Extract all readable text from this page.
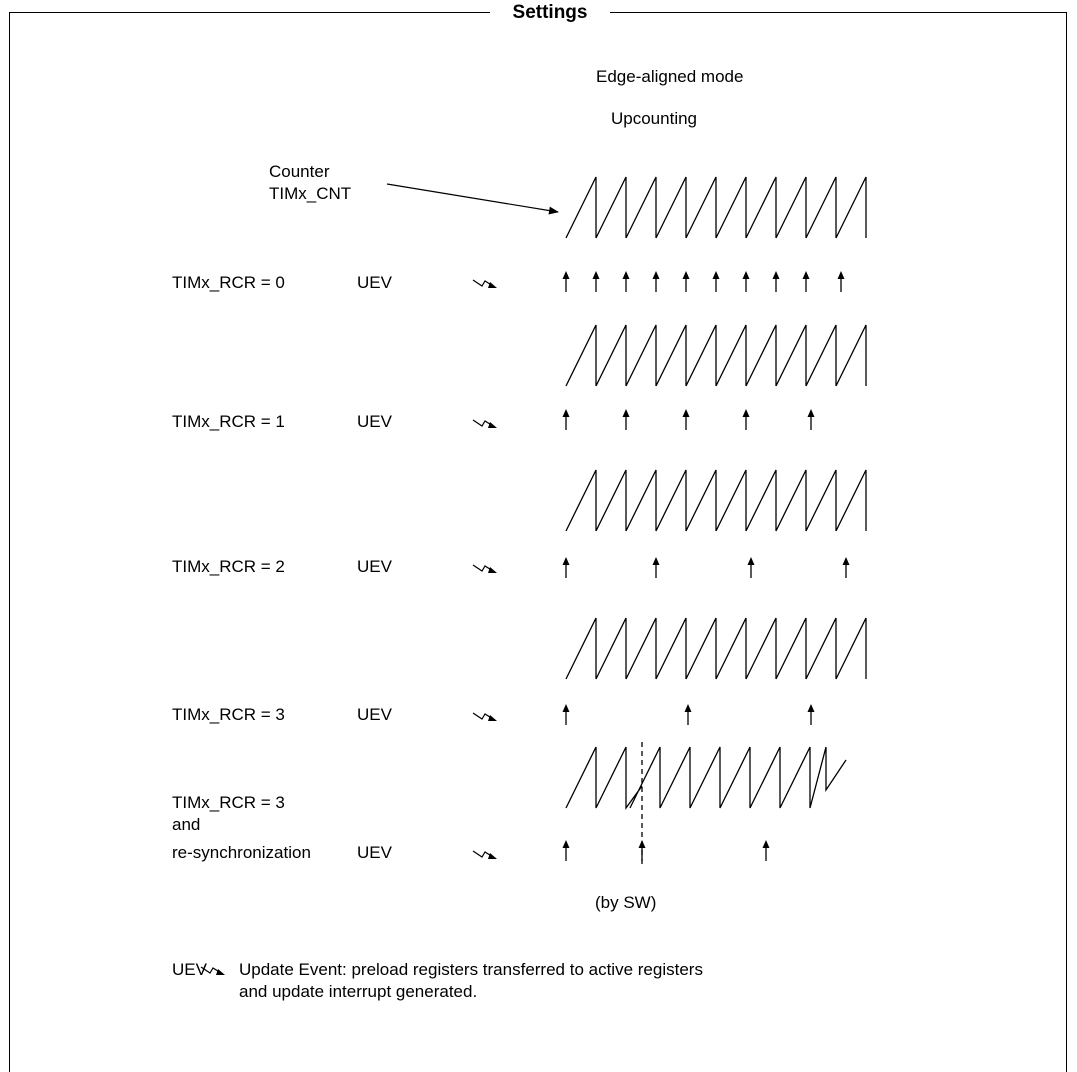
Settings
Edge-aligned mode
Upcounting
Counter
TIMx_CNT
TIMx_RCR = 0	UEV
TIMx_RCR = 1	UEV
TIMx_RCR = 2	UEV
TIMx_RCR = 3	UEV
TIMx_RCR = 3
and
re-synchronization	UEV
(by SW)
UEV Update Event: preload registers transferred to active registers
and update interrupt generated.
